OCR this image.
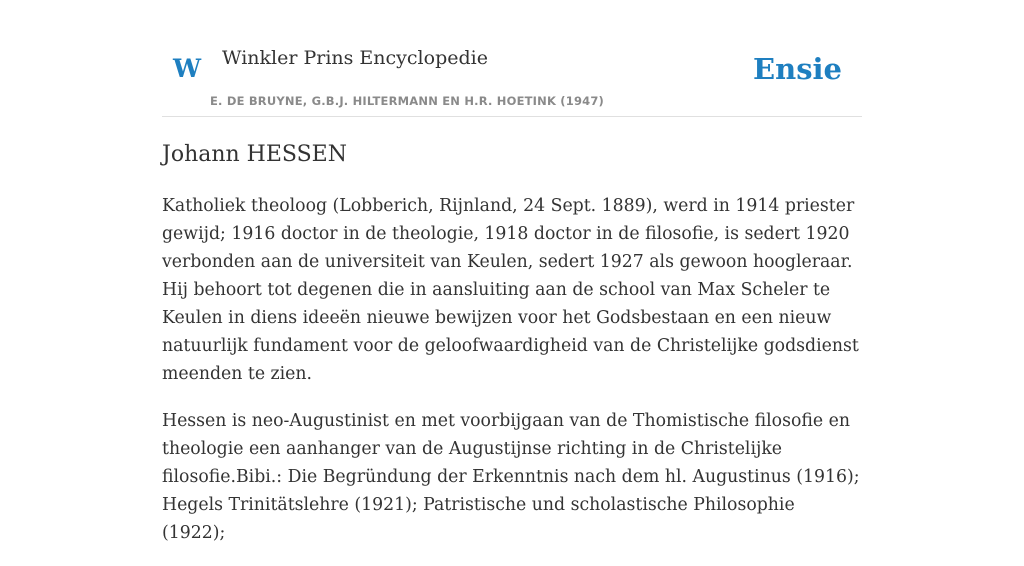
W Winkler Prins Encyclopedie
E. DE BRUYNE, G.B.J. HILTERMANN EN H.R. HOETINK (1947)
Ensie
Johann HESSEN

Katholiek theoloog (Lobberich, Rijnland, 24 Sept. 1889), werd in 1914 priester gewijd; 1916 doctor in de theologie, 1918 doctor in de filosofie, is sedert 1920 verbonden aan de universiteit van Keulen, sedert 1927 als gewoon hoogleraar. Hij behoort tot degenen die in aansluiting aan de school van Max Scheler te Keulen in diens ideeën nieuwe bewijzen voor het Godsbestaan en een nieuw natuurlijk fundament voor de geloofwaardigheid van de Christelijke godsdienst meenden te zien.

Hessen is neo-Augustinist en met voorbijgaan van de Thomistische filosofie en theologie een aanhanger van de Augustijnse richting in de Christelijke filosofie.Bibi.: Die Begründung der Erkenntnis nach dem hl. Augustinus (1916); Hegels Trinitätslehre (1921); Patristische und scholastische Philosophie (1922);
